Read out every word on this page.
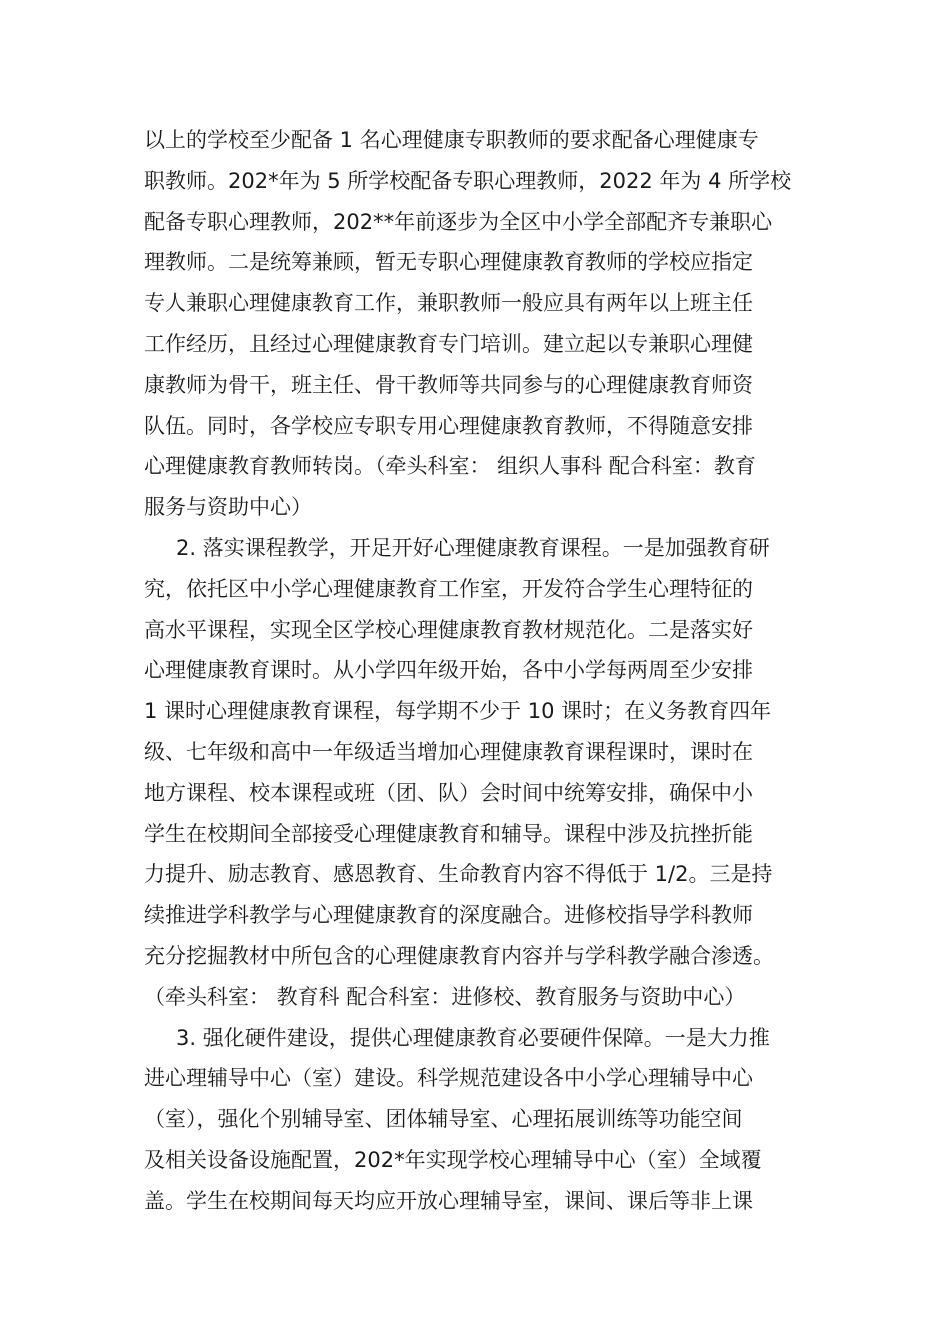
以上的学校至少配备 1 名心理健康专职教师的要求配备心理健康专
职教师。202*年为 5 所学校配备专职心理教师，2022 年为 4 所学校
配备专职心理教师，202**年前逐步为全区中小学全部配齐专兼职心
理教师。二是统筹兼顾，暂无专职心理健康教育教师的学校应指定
专人兼职心理健康教育工作，兼职教师一般应具有两年以上班主任
工作经历，且经过心理健康教育专门培训。建立起以专兼职心理健
康教师为骨干，班主任、骨干教师等共同参与的心理健康教育师资
队伍。同时，各学校应专职专用心理健康教育教师，不得随意安排
心理健康教育教师转岗。（牵头科室： 组织人事科 配合科室：教育
服务与资助中心）
2. 落实课程教学，开足开好心理健康教育课程。一是加强教育研
究，依托区中小学心理健康教育工作室，开发符合学生心理特征的
高水平课程，实现全区学校心理健康教育教材规范化。二是落实好
心理健康教育课时。从小学四年级开始，各中小学每两周至少安排
1 课时心理健康教育课程，每学期不少于 10 课时；在义务教育四年
级、七年级和高中一年级适当增加心理健康教育课程课时，课时在
地方课程、校本课程或班（团、队）会时间中统筹安排，确保中小
学生在校期间全部接受心理健康教育和辅导。课程中涉及抗挫折能
力提升、励志教育、感恩教育、生命教育内容不得低于 1/2。三是持
续推进学科教学与心理健康教育的深度融合。进修校指导学科教师
充分挖掘教材中所包含的心理健康教育内容并与学科教学融合渗透。
（牵头科室： 教育科 配合科室：进修校、教育服务与资助中心）
3. 强化硬件建设，提供心理健康教育必要硬件保障。一是大力推
进心理辅导中心（室）建设。科学规范建设各中小学心理辅导中心
（室），强化个别辅导室、团体辅导室、心理拓展训练等功能空间
及相关设备设施配置，202*年实现学校心理辅导中心（室）全域覆
盖。学生在校期间每天均应开放心理辅导室，课间、课后等非上课
